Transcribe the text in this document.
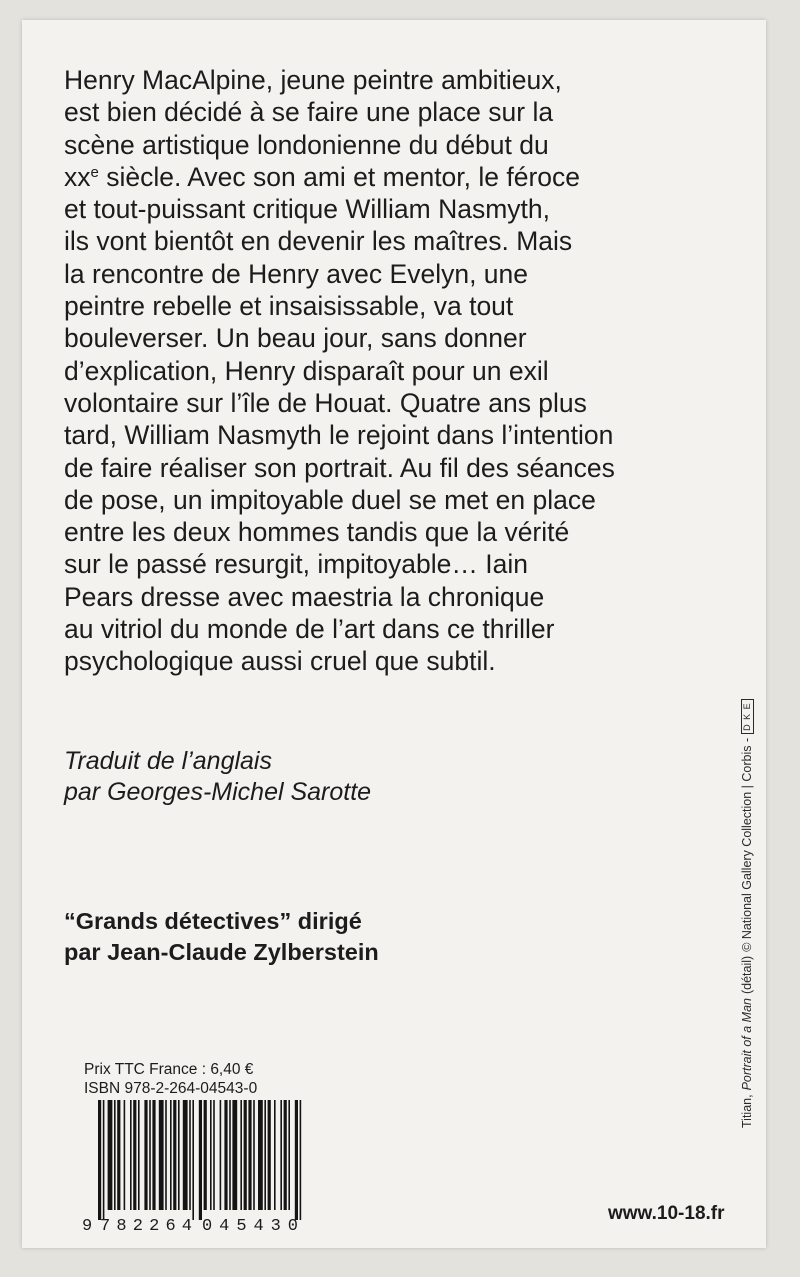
Henry MacAlpine, jeune peintre ambitieux,
est bien décidé à se faire une place sur la
scène artistique londonienne du début du
$xx^e$ siècle. Avec son ami et mentor, le féroce
et tout-puissant critique William Nasmyth,
ils vont bientôt en devenir les maîtres. Mais
la rencontre de Henry avec Evelyn, une
peintre rebelle et insaisissable, va tout
bouleverser. Un beau jour, sans donner
d’explication, Henry disparaît pour un exil
volontaire sur l’île de Houat. Quatre ans plus
tard, William Nasmyth le rejoint dans l’intention
de faire réaliser son portrait. Au fil des séances
de pose, un impitoyable duel se met en place
entre les deux hommes tandis que la vérité
sur le passé resurgit, impitoyable… Iain
Pears dresse avec maestria la chronique
au vitriol du monde de l’art dans ce thriller
psychologique aussi cruel que subtil.
Traduit de l’anglais
par Georges-Michel Sarotte
“Grands détectives” dirigé
par Jean-Claude Zylberstein
Prix TTC France : 6,40 €
ISBN 978-2-264-04543-0
9 782264 045430
www.10-18.fr
Titian,
Portrait of a Man
(détail)
© National Gallery Collection | Corbis -
D K E
